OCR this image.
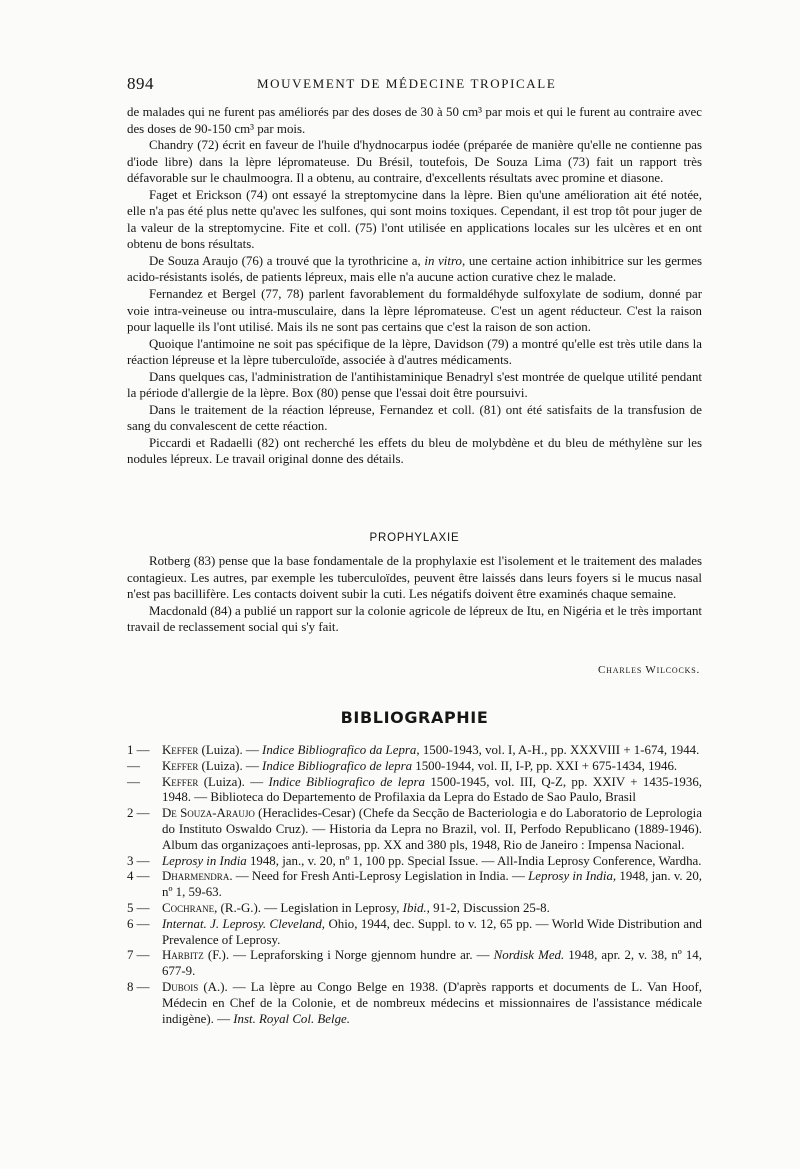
894	MOUVEMENT DE MÉDECINE TROPICALE

de malades qui ne furent pas améliorés par des doses de 30 à 50 cm³ par mois et qui le furent au contraire avec des doses de 90-150 cm³ par mois.

Chandry (72) écrit en faveur de l'huile d'hydnocarpus iodée (préparée de manière qu'elle ne contienne pas d'iode libre) dans la lèpre lépromateuse. Du Brésil, toutefois, De Souza Lima (73) fait un rapport très défavorable sur le chaulmoogra. Il a obtenu, au contraire, d'excellents résultats avec promine et diasone.

Faget et Erickson (74) ont essayé la streptomycine dans la lèpre. Bien qu'une amélioration ait été notée, elle n'a pas été plus nette qu'avec les sulfones, qui sont moins toxiques. Cependant, il est trop tôt pour juger de la valeur de la streptomycine. Fite et coll. (75) l'ont utilisée en applications locales sur les ulcères et en ont obtenu de bons résultats.

De Souza Araujo (76) a trouvé que la tyrothricine a, in vitro, une certaine action inhibitrice sur les germes acido-résistants isolés, de patients lépreux, mais elle n'a aucune action curative chez le malade.

Fernandez et Bergel (77, 78) parlent favorablement du formaldéhyde sulfoxylate de sodium, donné par voie intra-veineuse ou intra-musculaire, dans la lèpre lépromateuse. C'est un agent réducteur. C'est la raison pour laquelle ils l'ont utilisé. Mais ils ne sont pas certains que c'est la raison de son action.

Quoique l'antimoine ne soit pas spécifique de la lèpre, Davidson (79) a montré qu'elle est très utile dans la réaction lépreuse et la lèpre tuberculoïde, associée à d'autres médicaments.

Dans quelques cas, l'administration de l'antihistaminique Benadryl s'est montrée de quelque utilité pendant la période d'allergie de la lèpre. Box (80) pense que l'essai doit être poursuivi.

Dans le traitement de la réaction lépreuse, Fernandez et coll. (81) ont été satisfaits de la transfusion de sang du convalescent de cette réaction.

Piccardi et Radaelli (82) ont recherché les effets du bleu de molybdène et du bleu de méthylène sur les nodules lépreux. Le travail original donne des détails.

PROPHYLAXIE

Rotberg (83) pense que la base fondamentale de la prophylaxie est l'isolement et le traitement des malades contagieux. Les autres, par exemple les tuberculoïdes, peuvent être laissés dans leurs foyers si le mucus nasal n'est pas bacillifère. Les contacts doivent subir la cuti. Les négatifs doivent être examinés chaque semaine.

Macdonald (84) a publié un rapport sur la colonie agricole de lépreux de Itu, en Nigéria et le très important travail de reclassement social qui s'y fait.

Charles Wilcocks.
BIBLIOGRAPHIE
1 — Keffer (Luiza). — Indice Bibliografico da Lepra, 1500-1943, vol. I, A-H., pp. XXXVIII + 1-674, 1944.
—	Keffer (Luiza). — Indice Bibliografico de lepra 1500-1944, vol. II, I-P, pp. XXI + 675-1434, 1946.
—	Keffer (Luiza). — Indice Bibliografico de lepra 1500-1945, vol. III, Q-Z, pp. XXIV + 1435-1936, 1948. — Biblioteca do Departemento de Profilaxia da Lepra do Estado de Sao Paulo, Brasil
2 — De Souza-Araujo (Heraclides-Cesar) (Chefe da Secção de Bacteriologia e do Laboratorio de Leprologia do Instituto Oswaldo Cruz). — Historia da Lepra no Brazil, vol. II, Perfodo Republicano (1889-1946). Album das organizaçoes anti-leprosas, pp. XX and 380 pls, 1948, Rio de Janeiro : Impensa Nacional.
3 — Leprosy in India 1948, jan., v. 20, nº 1, 100 pp. Special Issue. — All-India Leprosy Conference, Wardha.
4 — Dharmendra. — Need for Fresh Anti-Leprosy Legislation in India. — Leprosy in India, 1948, jan. v. 20, nº 1, 59-63.
5 — Cochrane, (R.-G.). — Legislation in Leprosy, Ibid., 91-2, Discussion 25-8.
6 — Internat. J. Leprosy. Cleveland, Ohio, 1944, dec. Suppl. to v. 12, 65 pp. — World Wide Distribution and Prevalence of Leprosy.
7 — Harbitz (F.). — Lepraforsking i Norge gjennom hundre ar. — Nordisk Med. 1948, apr. 2, v. 38, nº 14, 677-9.
8 — Dubois (A.). — La lèpre au Congo Belge en 1938. (D'après rapports et documents de L. Van Hoof, Médecin en Chef de la Colonie, et de nombreux médecins et missionnaires de l'assistance médicale indigène). — Inst. Royal Col. Belge.
